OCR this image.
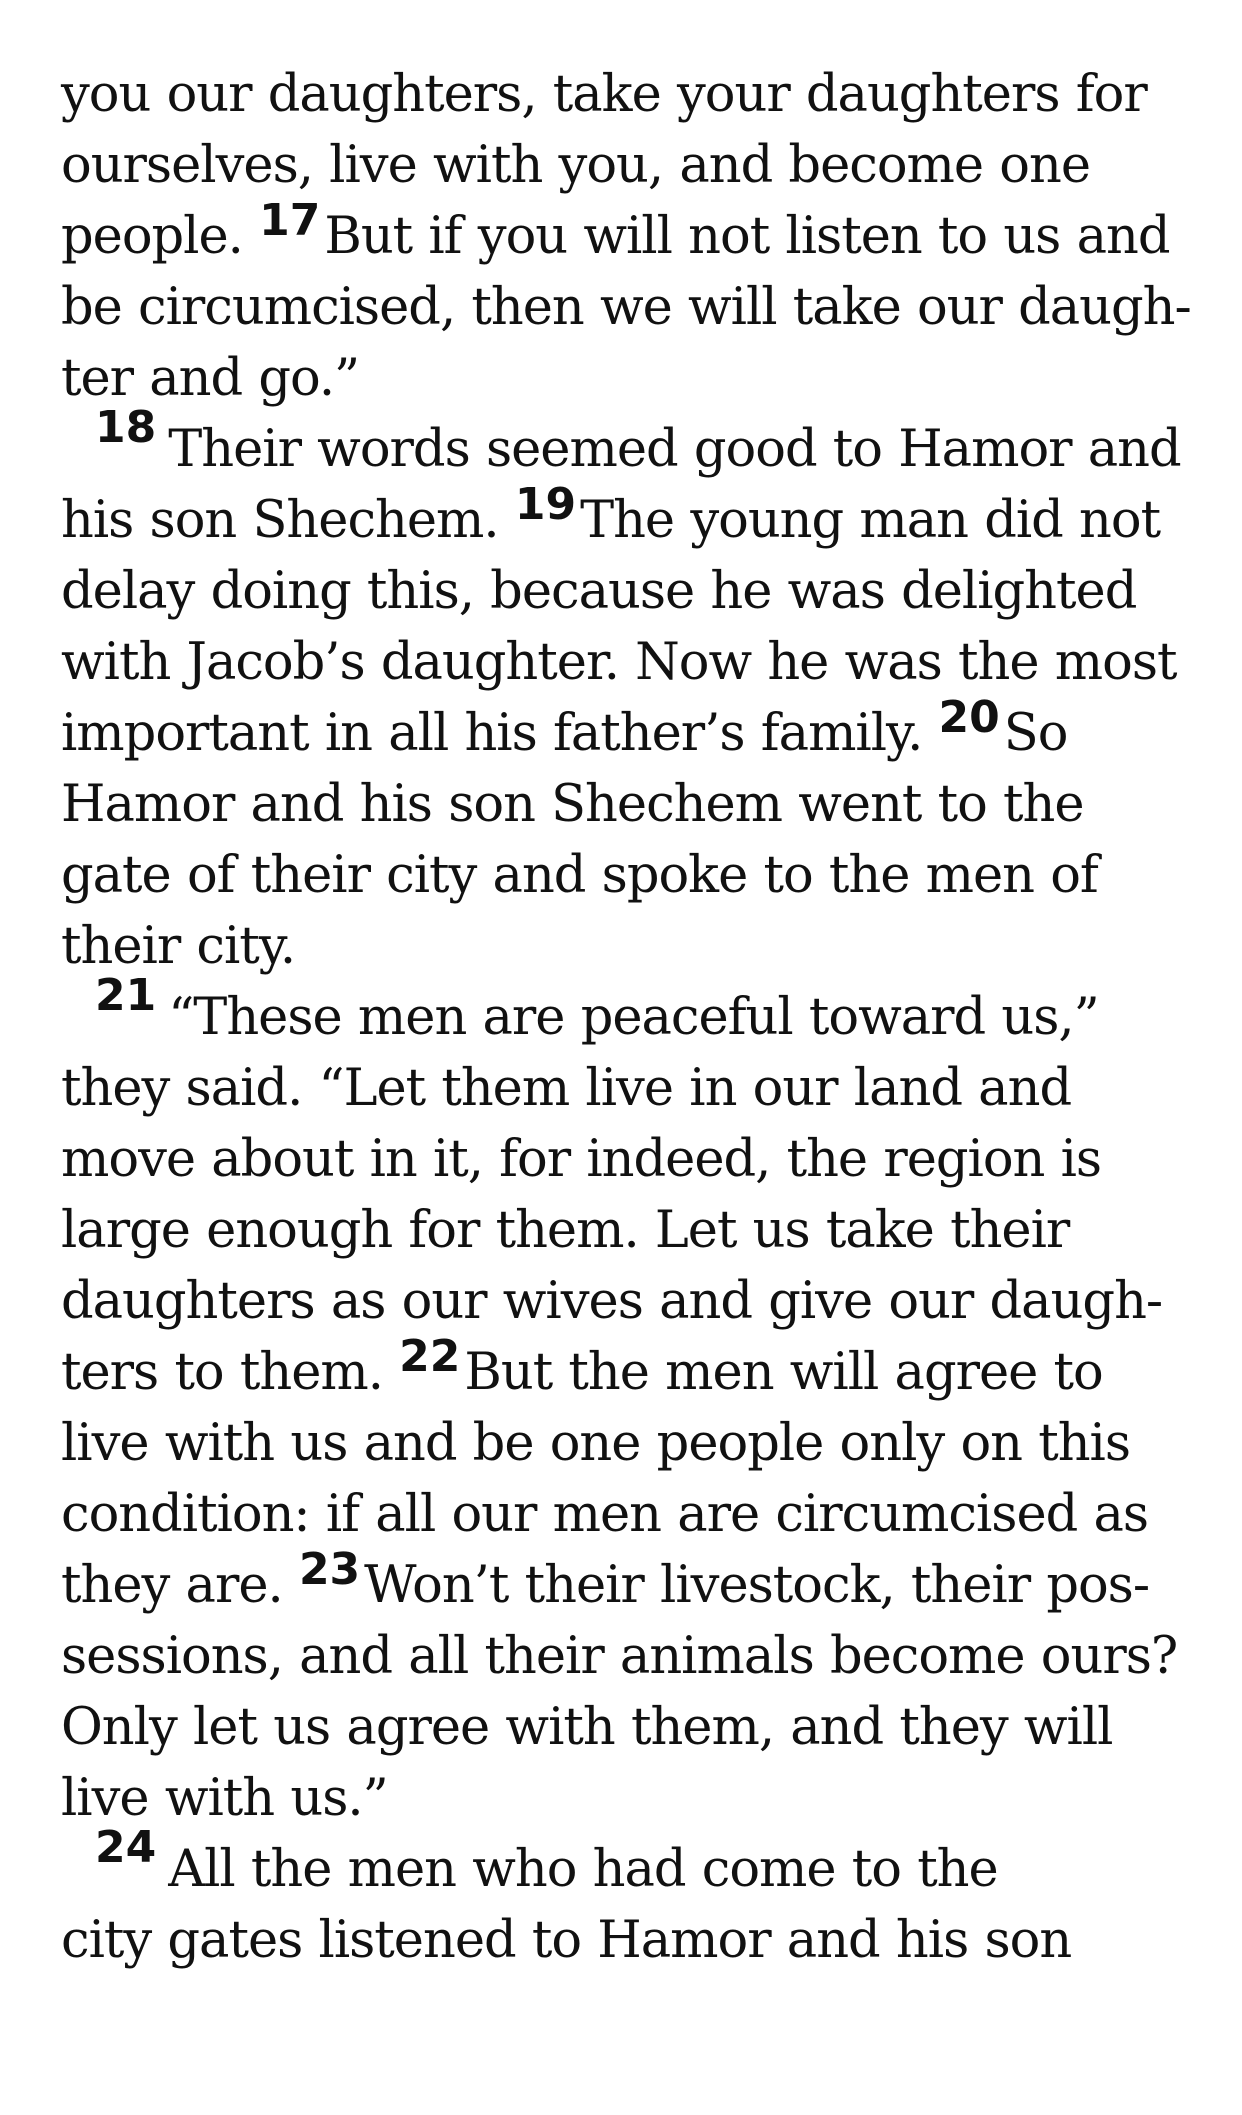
you our daughters, take your daughters for
ourselves, live with you, and become one
people. 17But if you will not listen to us and
be circumcised, then we will take our daugh-
ter and go.”
18 Their words seemed good to Hamor and
his son Shechem. 19The young man did not
delay doing this, because he was delighted
with Jacob’s daughter. Now he was the most
important in all his father’s family. 20So
Hamor and his son Shechem went to the
gate of their city and spoke to the men of
their city.
21 “These men are peaceful toward us,”
they said. “Let them live in our land and
move about in it, for indeed, the region is
large enough for them. Let us take their
daughters as our wives and give our daugh-
ters to them. 22But the men will agree to
live with us and be one people only on this
condition: if all our men are circumcised as
they are. 23Won’t their livestock, their pos-
sessions, and all their animals become ours?
Only let us agree with them, and they will
live with us.”
24 All the men who had come to the
city gates listened to Hamor and his son
